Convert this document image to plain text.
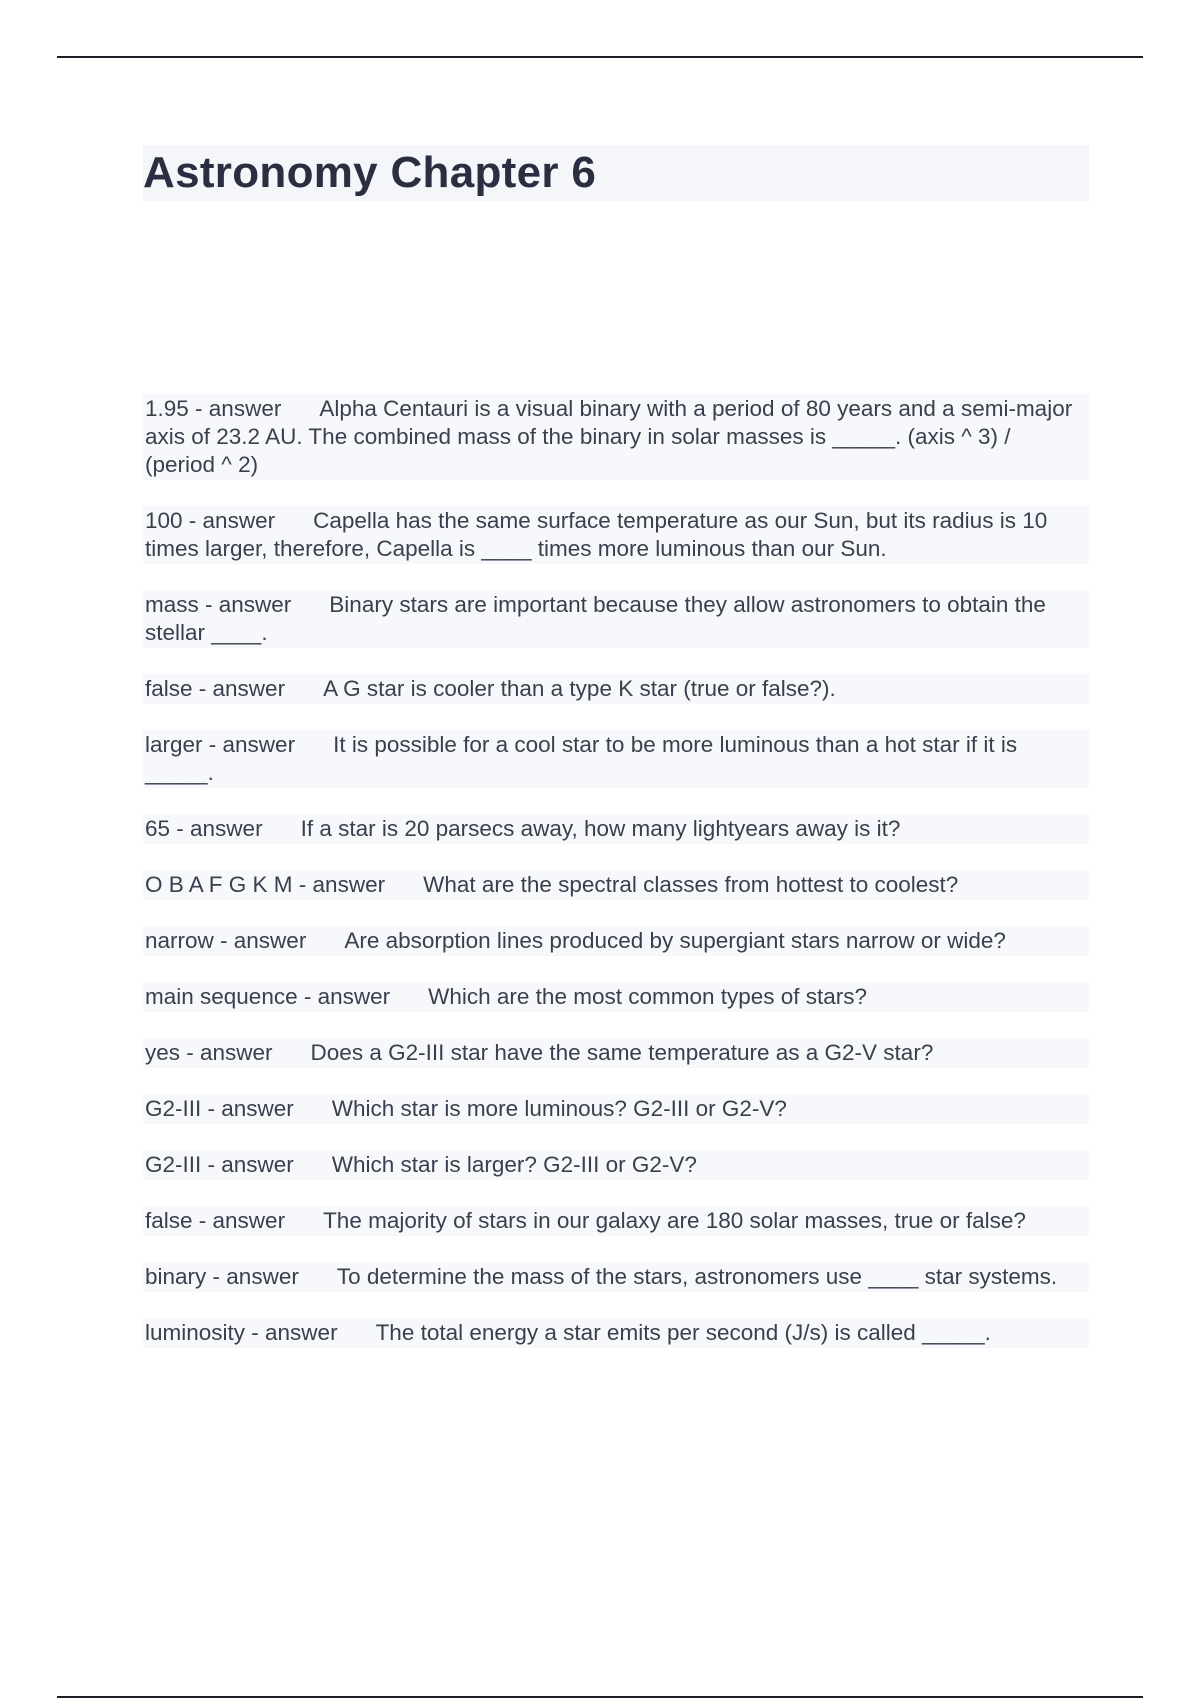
Astronomy Chapter 6

1.95 - answer Alpha Centauri is a visual binary with a period of 80 years and a semi-major axis of 23.2 AU. The combined mass of the binary in solar masses is _____. (axis ^ 3) / (period ^ 2)

100 - answer Capella has the same surface temperature as our Sun, but its radius is 10 times larger, therefore, Capella is ____ times more luminous than our Sun.

mass - answer Binary stars are important because they allow astronomers to obtain the stellar ____.

false - answer A G star is cooler than a type K star (true or false?).

larger - answer It is possible for a cool star to be more luminous than a hot star if it is _____.

65 - answer If a star is 20 parsecs away, how many lightyears away is it?

O B A F G K M - answer What are the spectral classes from hottest to coolest?

narrow - answer Are absorption lines produced by supergiant stars narrow or wide?

main sequence - answer Which are the most common types of stars?

yes - answer Does a G2-III star have the same temperature as a G2-V star?

G2-III - answer Which star is more luminous? G2-III or G2-V?

G2-III - answer Which star is larger? G2-III or G2-V?

false - answer The majority of stars in our galaxy are 180 solar masses, true or false?

binary - answer To determine the mass of the stars, astronomers use ____ star systems.

luminosity - answer The total energy a star emits per second (J/s) is called _____.
